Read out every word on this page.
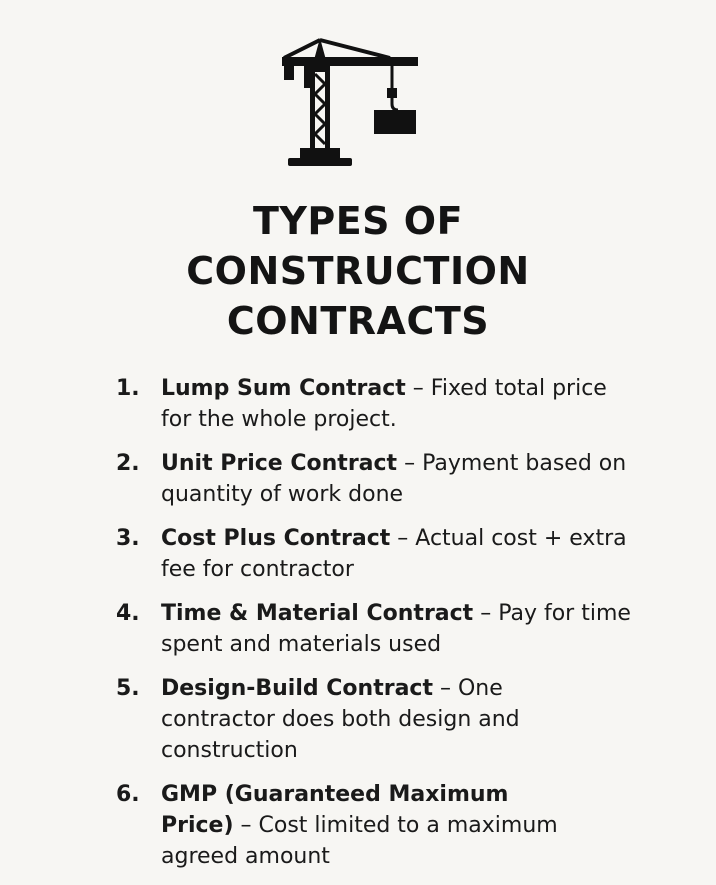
TYPES OF
CONSTRUCTION
CONTRACTS
1. Lump Sum Contract – Fixed total price for the whole project.
2. Unit Price Contract – Payment based on quantity of work done
3. Cost Plus Contract – Actual cost + extra fee for contractor
4. Time & Material Contract – Pay for time spent and materials used
5. Design-Build Contract – One contractor does both design and construction
6. GMP (Guaranteed Maximum Price) – Cost limited to a maximum agreed amount
